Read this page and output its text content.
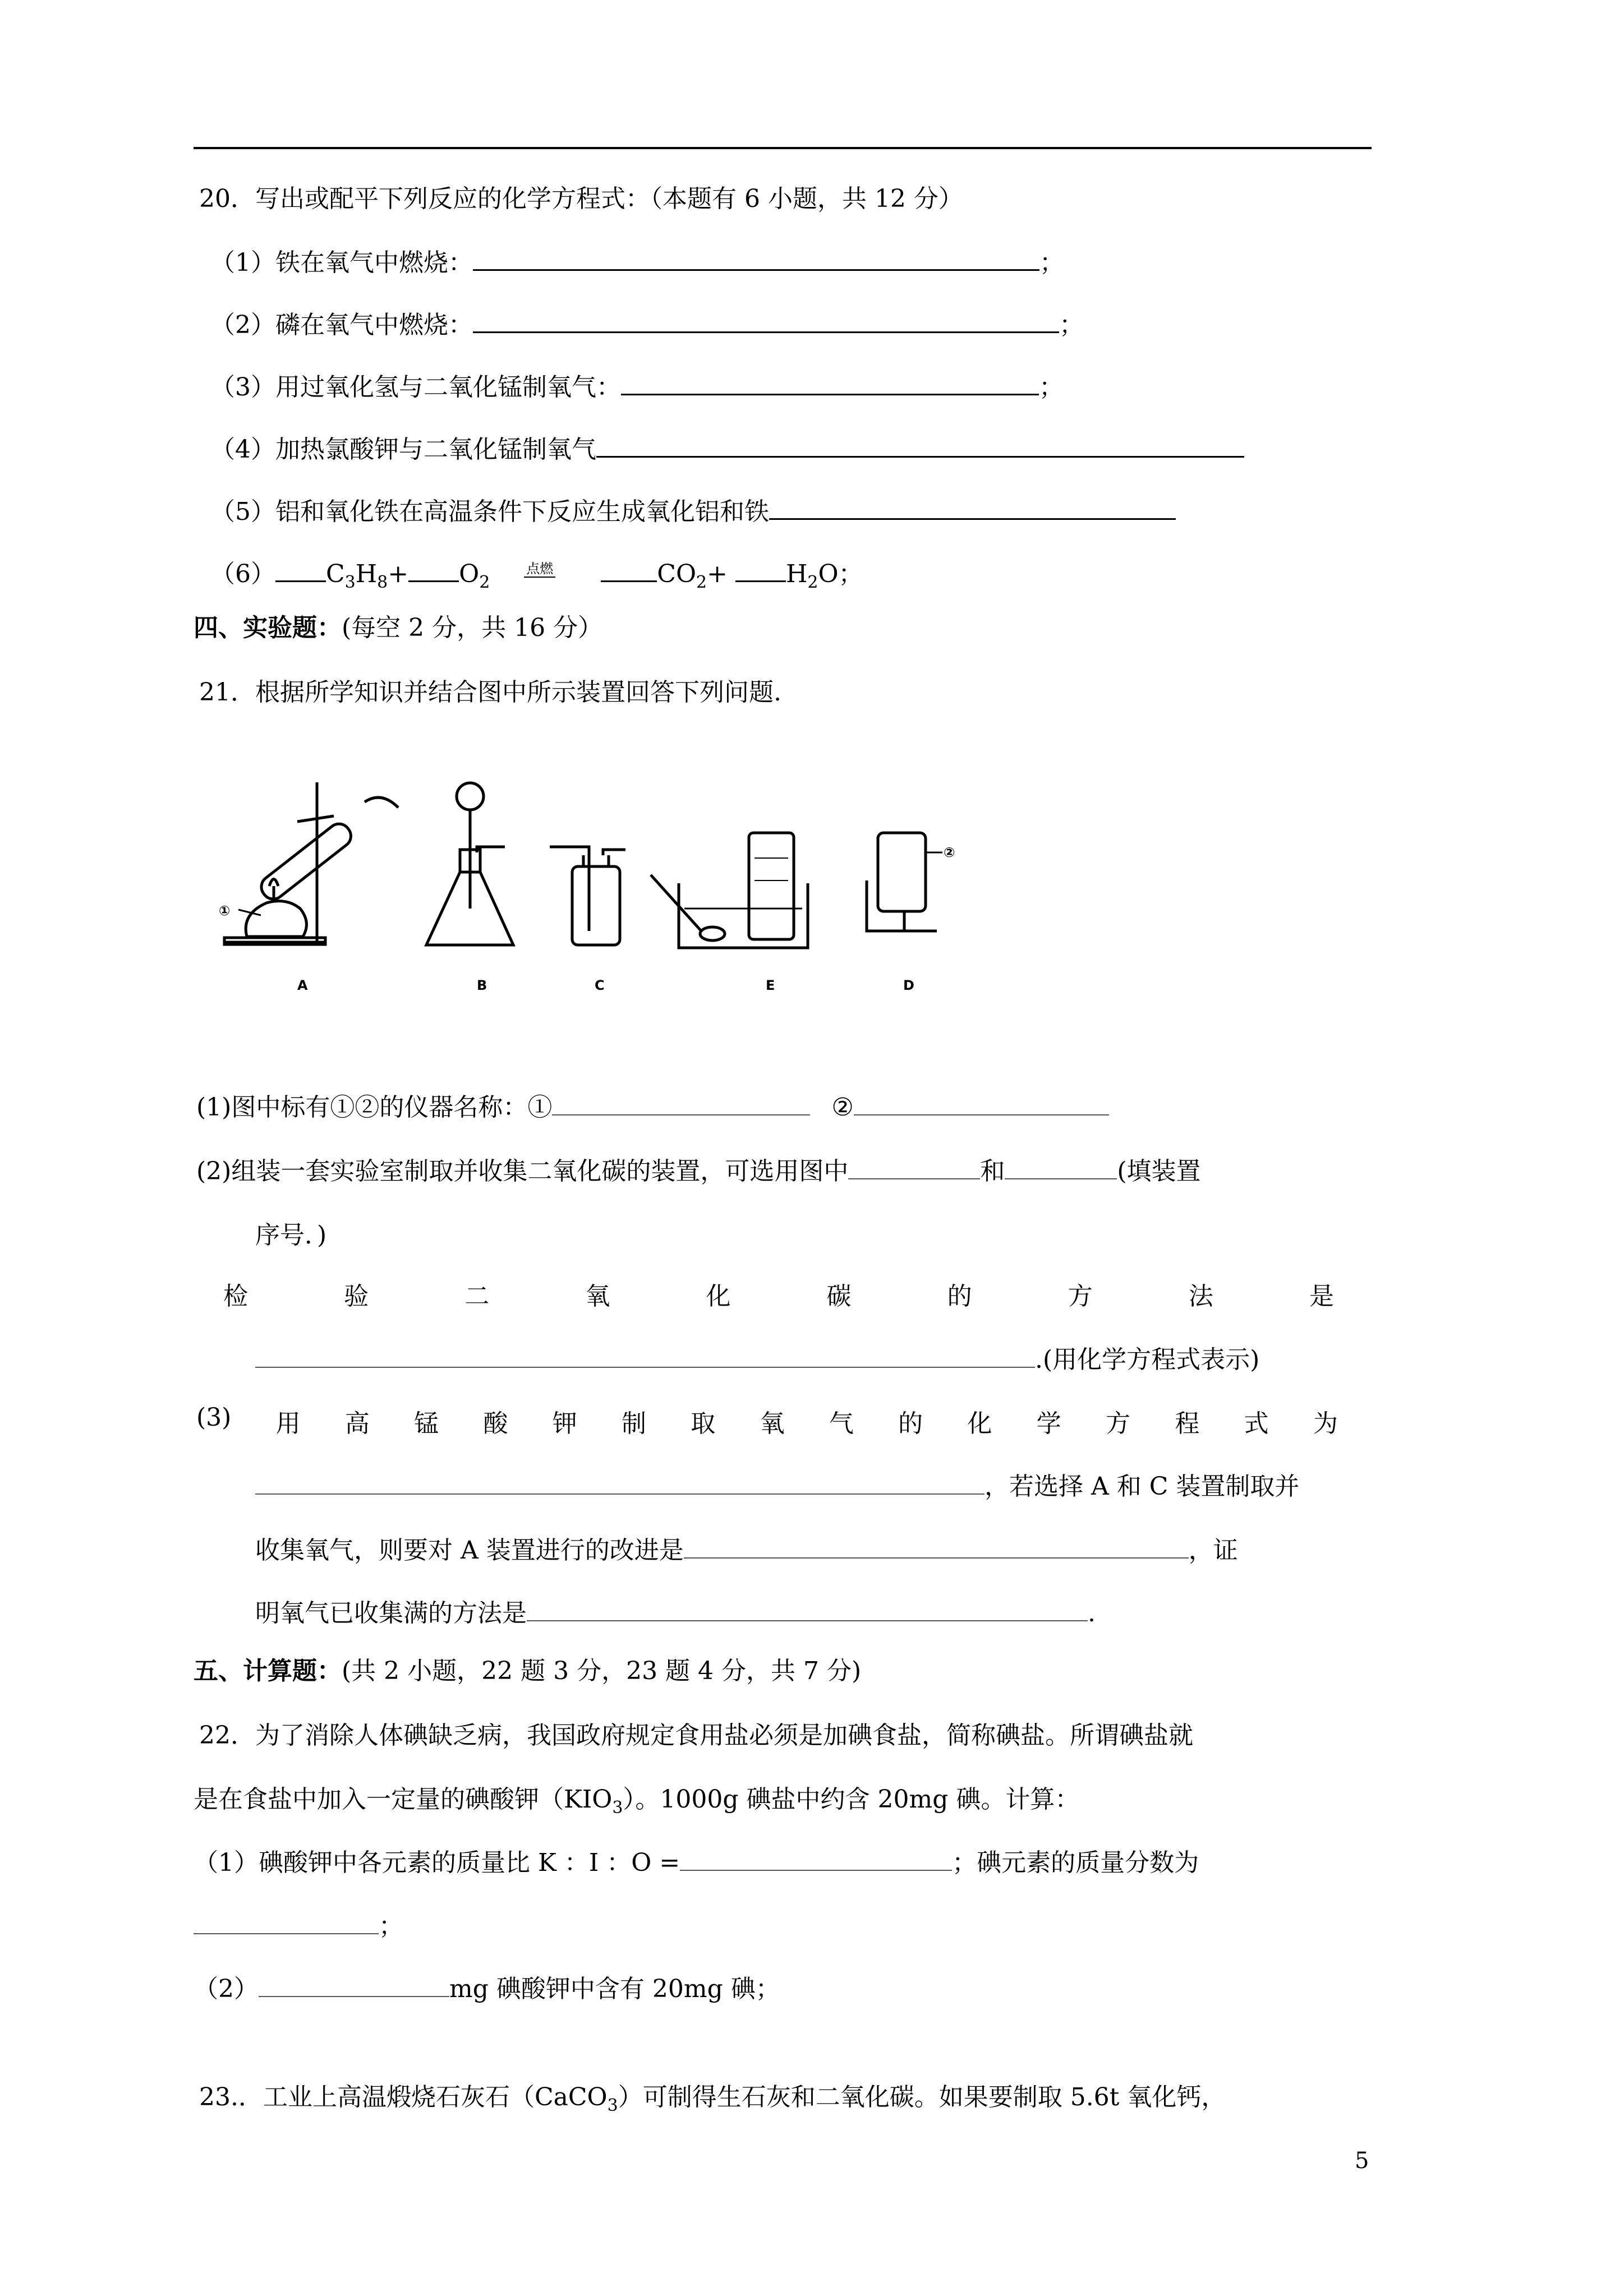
20．写出或配平下列反应的化学方程式：（本题有 6 小题，共 12 分）
（1）铁在氧气中燃烧：	；
（2）磷在氧气中燃烧：	；
（3）用过氧化氢与二氧化锰制氧气：	；
（4）加热氯酸钾与二氧化锰制氧气
（5）铝和氧化铁在高温条件下反应生成氧化铝和铁
（6） $C_3H_8+ O_2$ $^{点燃}$	$CO_2+ H_2O$；
四、实验题：(每空 2 分，共 16 分）
21．根据所学知识并结合图中所示装置回答下列问题.
①
②
A	B	C	E	D
(1)图中标有①②的仪器名称：①	②
(2)组装一套实验室制取并收集二氧化碳的装置，可选用图中	和	(填装置
序号．)
检	验	二	氧	化	碳	的	方	法	是
.(用化学方程式表示)
(3) 用 高 锰 酸 钾 制 取 氧 气 的 化 学 方 程 式 为
，若选择 A 和 C 装置制取并
收集氧气，则要对 A 装置进行的改进是	，证
明氧气已收集满的方法是	.
五、计算题：(共 2 小题，22 题 3 分，23 题 4 分，共 7 分)
22．为了消除人体碘缺乏病，我国政府规定食用盐必须是加碘食盐，简称碘盐。所谓碘盐就
是在食盐中加入一定量的碘酸钾$(KIO_3)$。1000g 碘盐中约含 20mg 碘。计算：
（1）碘酸钾中各元素的质量比 K ：I ：O =	；碘元素的质量分数为
；
（2）	mg 碘酸钾中含有 20mg 碘；
23.．工业上高温煅烧石灰石（CaCO$_3$）可制得生石灰和二氧化碳。如果要制取 5.6t 氧化钙，
5
